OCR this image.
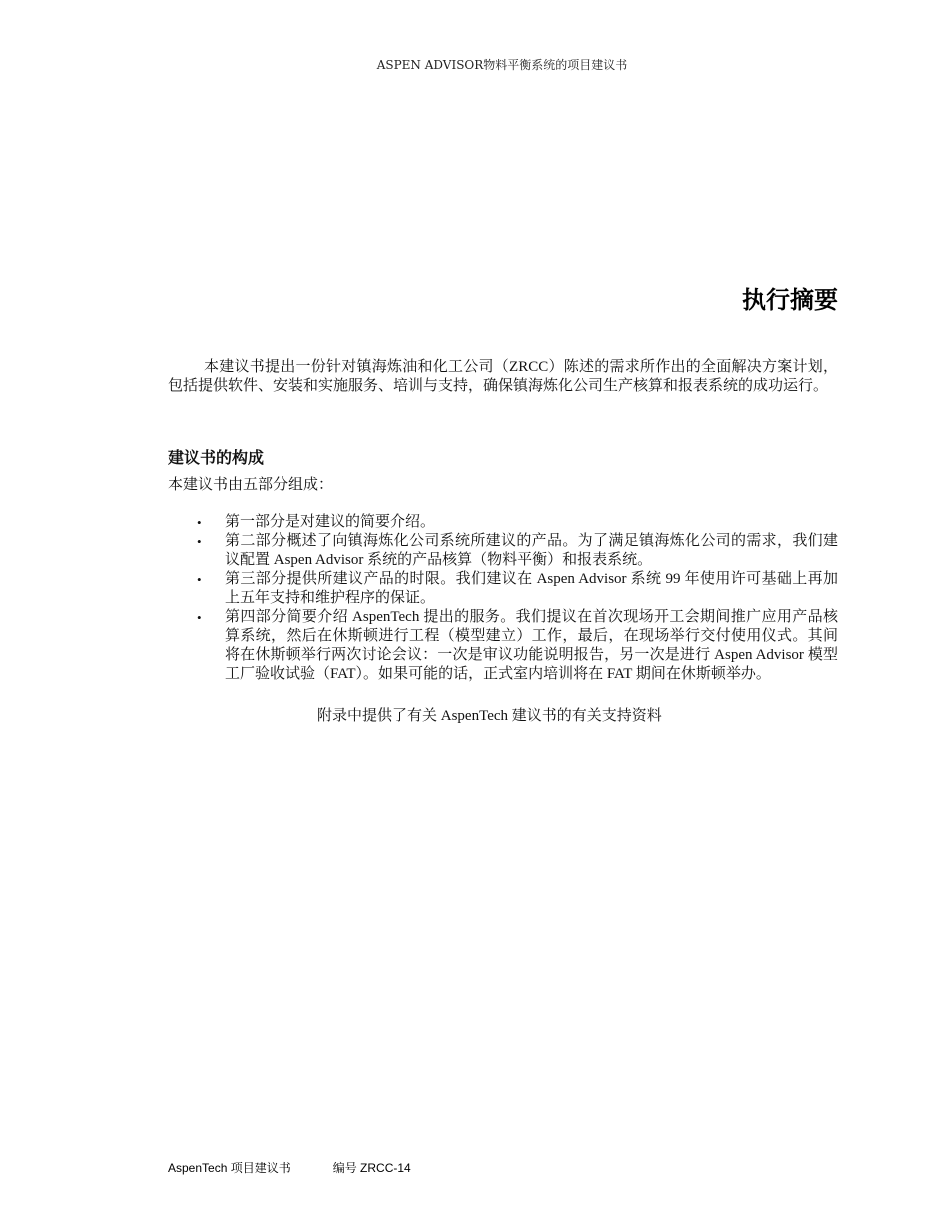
ASPEN ADVISOR物料平衡系统的项目建议书
执行摘要

本建议书提出一份针对镇海炼油和化工公司（ZRCC）陈述的需求所作出的全面解决方案计划，包括提供软件、安装和实施服务、培训与支持，确保镇海炼化公司生产核算和报表系统的成功运行。

建议书的构成
本建议书由五部分组成：
• 第一部分是对建议的简要介绍。
• 第二部分概述了向镇海炼化公司系统所建议的产品。为了满足镇海炼化公司的需求，我们建议配置 Aspen Advisor 系统的产品核算（物料平衡）和报表系统。
• 第三部分提供所建议产品的时限。我们建议在 Aspen Advisor 系统 99 年使用许可基础上再加上五年支持和维护程序的保证。
• 第四部分简要介绍 AspenTech 提出的服务。我们提议在首次现场开工会期间推广应用产品核算系统，然后在休斯顿进行工程（模型建立）工作，最后，在现场举行交付使用仪式。其间将在休斯顿举行两次讨论会议：一次是审议功能说明报告，另一次是进行 Aspen Advisor 模型工厂验收试验（FAT）。如果可能的话，正式室内培训将在 FAT 期间在休斯顿举办。
附录中提供了有关 AspenTech 建议书的有关支持资料
AspenTech 项目建议书	编号 ZRCC-14
